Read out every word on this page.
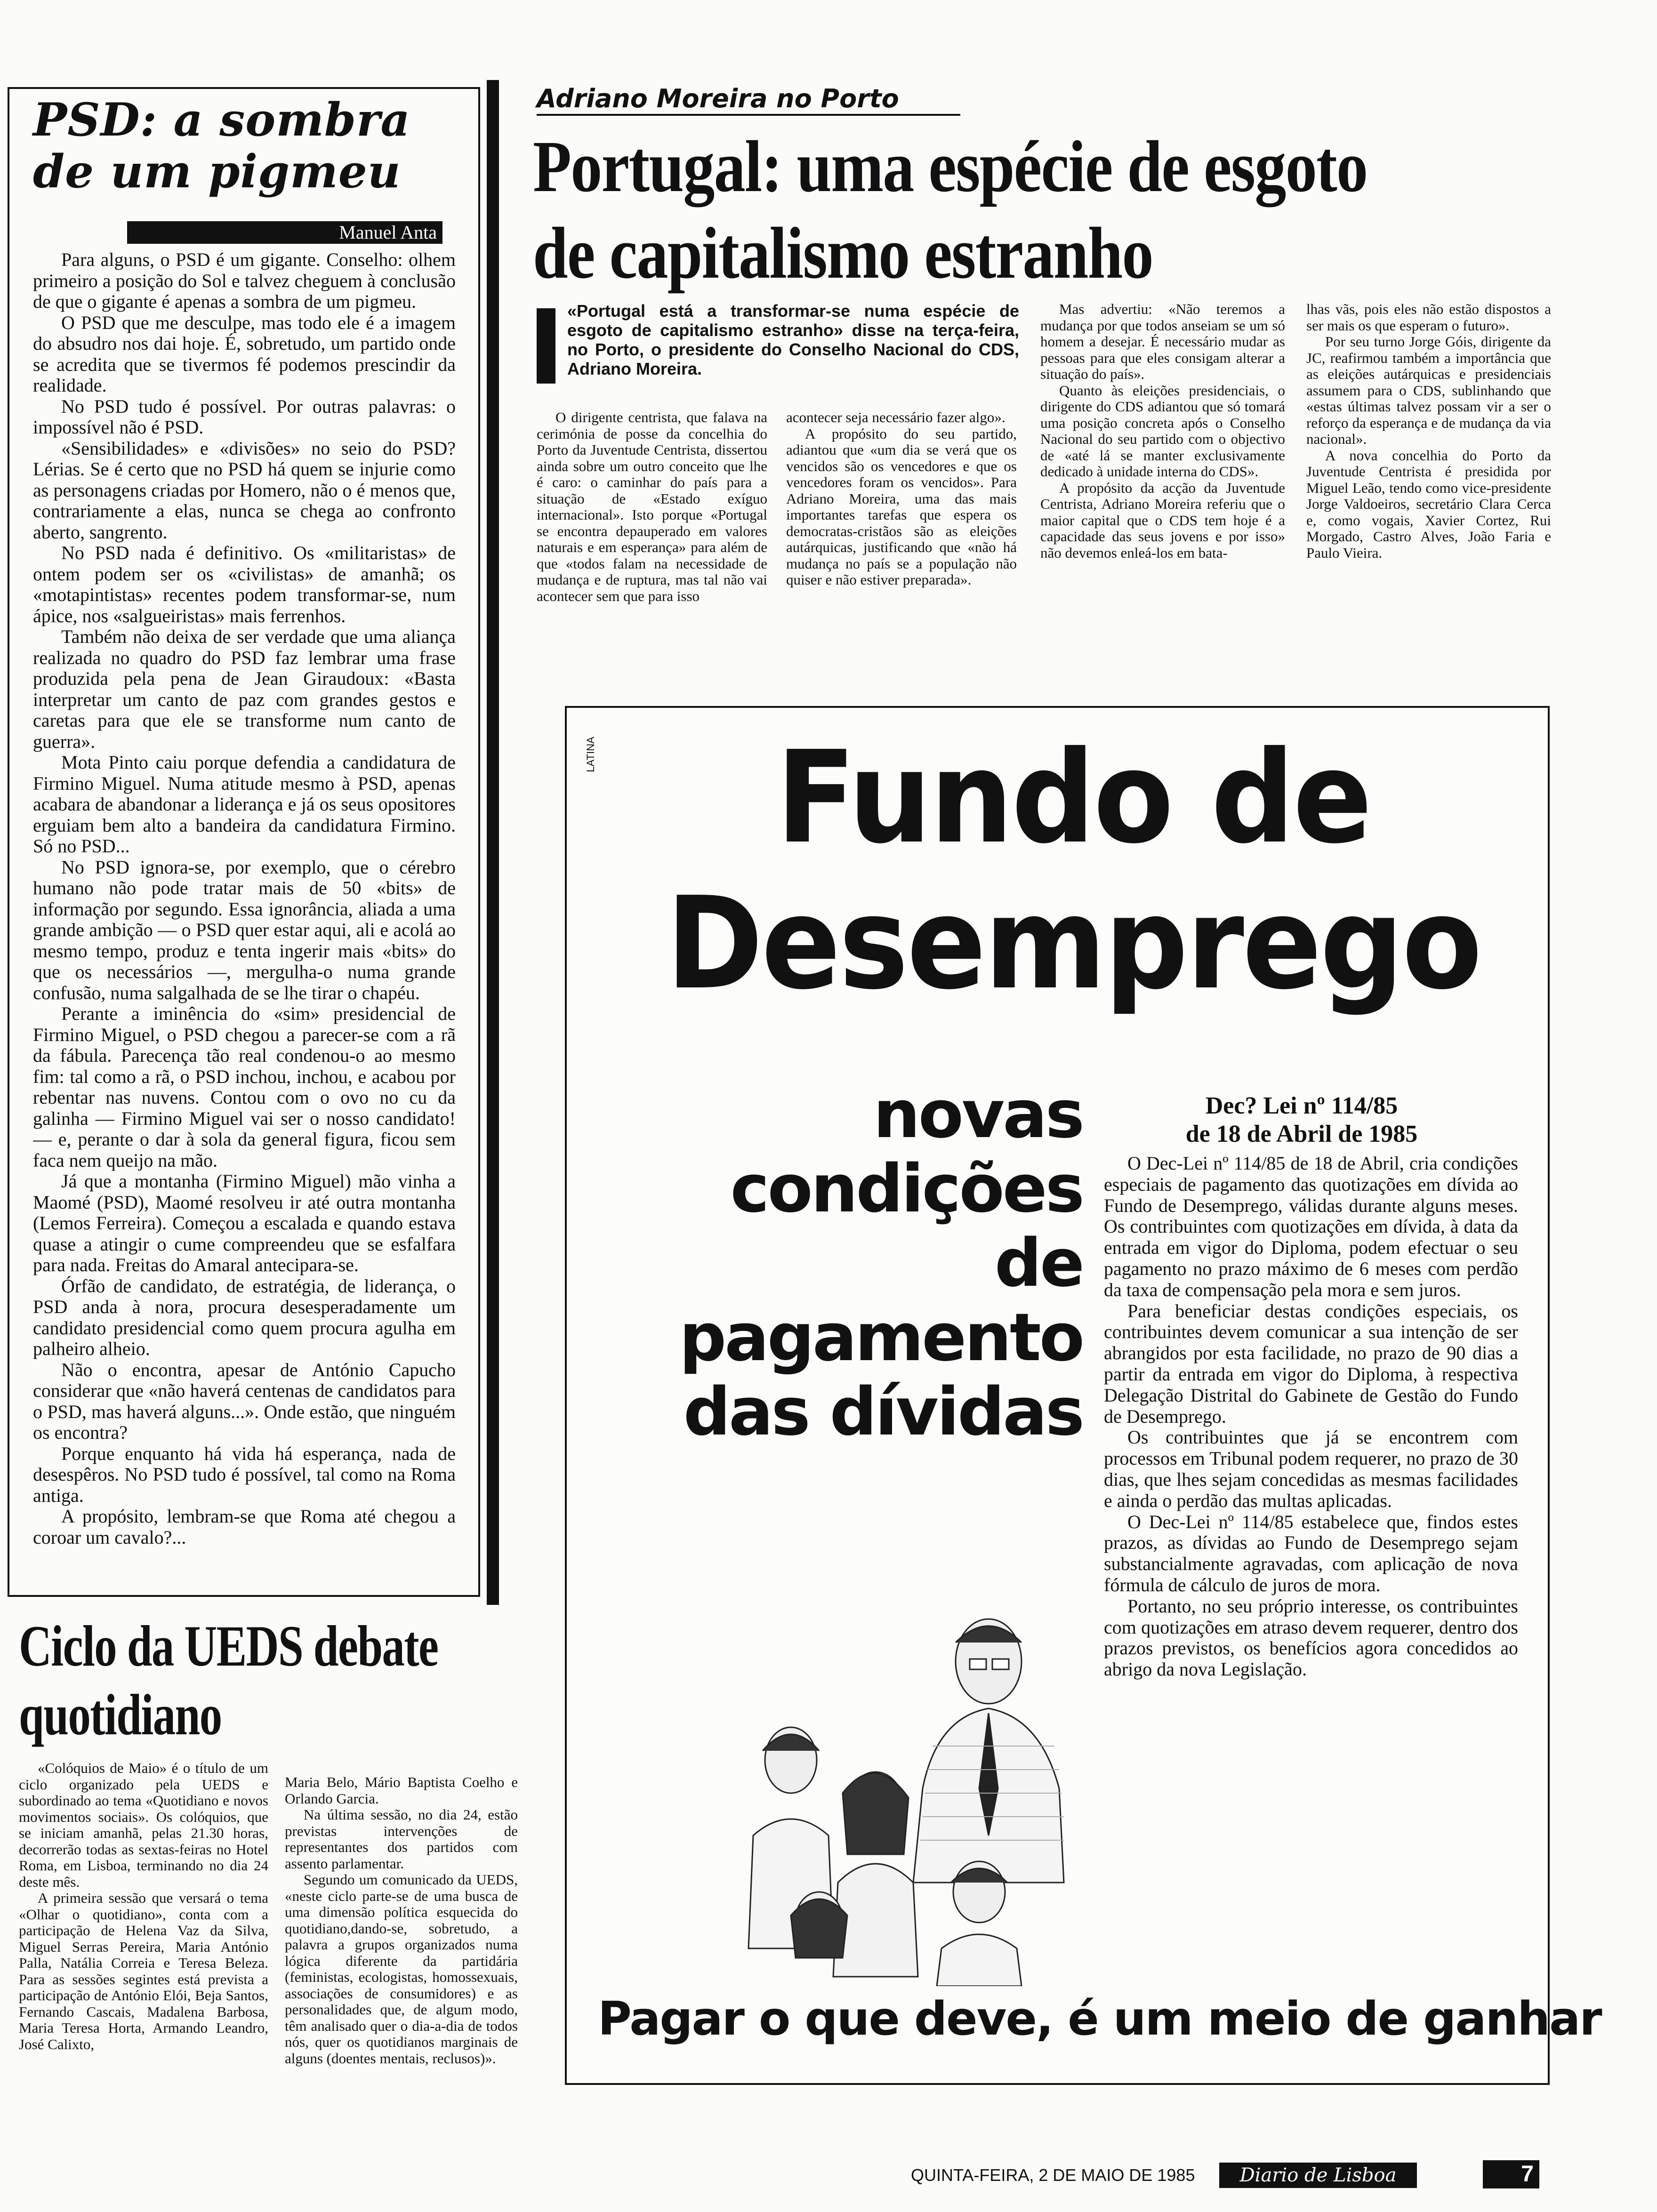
PSD: a sombra de um pigmeu
Manuel Anta

Para alguns, o PSD é um gigante. Conselho: olhem primeiro a posição do Sol e talvez cheguem à conclusão de que o gigante é apenas a sombra de um pigmeu.

O PSD que me desculpe, mas todo ele é a imagem do absudro nos dai hoje. É, sobretudo, um partido onde se acredita que se tivermos fé podemos prescindir da realidade.

No PSD tudo é possível. Por outras palavras: o impossível não é PSD.

«Sensibilidades» e «divisões» no seio do PSD? Lérias. Se é certo que no PSD há quem se injurie como as personagens criadas por Homero, não o é menos que, contrariamente a elas, nunca se chega ao confronto aberto, sangrento.

No PSD nada é definitivo. Os «militaristas» de ontem podem ser os «civilistas» de amanhã; os «motapintistas» recentes podem transformar-se, num ápice, nos «salgueiristas» mais ferrenhos.

Também não deixa de ser verdade que uma aliança realizada no quadro do PSD faz lembrar uma frase produzida pela pena de Jean Giraudoux: «Basta interpretar um canto de paz com grandes gestos e caretas para que ele se transforme num canto de guerra».

Mota Pinto caiu porque defendia a candidatura de Firmino Miguel. Numa atitude mesmo à PSD, apenas acabara de abandonar a liderança e já os seus opositores erguiam bem alto a bandeira da candidatura Firmino. Só no PSD...

No PSD ignora-se, por exemplo, que o cérebro humano não pode tratar mais de 50 «bits» de informação por segundo. Essa ignorância, aliada a uma grande ambição — o PSD quer estar aqui, ali e acolá ao mesmo tempo, produz e tenta ingerir mais «bits» do que os necessários —, mergulha-o numa grande confusão, numa salgalhada de se lhe tirar o chapéu.

Perante a iminência do «sim» presidencial de Firmino Miguel, o PSD chegou a parecer-se com a rã da fábula. Parecença tão real condenou-o ao mesmo fim: tal como a rã, o PSD inchou, inchou, e acabou por rebentar nas nuvens. Contou com o ovo no cu da galinha — Firmino Miguel vai ser o nosso candidato! — e, perante o dar à sola da general figura, ficou sem faca nem queijo na mão.

Já que a montanha (Firmino Miguel) mão vinha a Maomé (PSD), Maomé resolveu ir até outra montanha (Lemos Ferreira). Começou a escalada e quando estava quase a atingir o cume compreendeu que se esfalfara para nada. Freitas do Amaral antecipara-se.

Órfão de candidato, de estratégia, de liderança, o PSD anda à nora, procura desesperadamente um candidato presidencial como quem procura agulha em palheiro alheio.

Não o encontra, apesar de António Capucho considerar que «não haverá centenas de candidatos para o PSD, mas haverá alguns...». Onde estão, que ninguém os encontra?

Porque enquanto há vida há esperança, nada de desespêros. No PSD tudo é possível, tal como na Roma antiga.

A propósito, lembram-se que Roma até chegou a coroar um cavalo?...

Adriano Moreira no Porto
Portugal: uma espécie de esgoto
de capitalismo estranho
«Portugal está a transformar-se numa espécie de esgoto de capitalismo estranho» disse na terça-feira, no Porto, o presidente do Conselho Nacional do CDS, Adriano Moreira.

O dirigente centrista, que falava na cerimónia de posse da concelhia do Porto da Juventude Centrista, dissertou ainda sobre um outro conceito que lhe é caro: o caminhar do país para a situação de «Estado exíguo internacional». Isto porque «Portugal se encontra depauperado em valores naturais e em esperança» para além de que «todos falam na necessidade de mudança e de ruptura, mas tal não vai acontecer sem que para isso

acontecer seja necessário fazer algo».

A propósito do seu partido, adiantou que «um dia se verá que os vencidos são os vencedores e que os vencedores foram os vencidos». Para Adriano Moreira, uma das mais importantes tarefas que espera os democratas-cristãos são as eleições autárquicas, justificando que «não há mudança no país se a população não quiser e não estiver preparada».

Mas advertiu: «Não teremos a mudança por que todos anseiam se um só homem a desejar. É necessário mudar as pessoas para que eles consigam alterar a situação do país».

Quanto às eleições presidenciais, o dirigente do CDS adiantou que só tomará uma posição concreta após o Conselho Nacional do seu partido com o objectivo de «até lá se manter exclusivamente dedicado à unidade interna do CDS».

A propósito da acção da Juventude Centrista, Adriano Moreira referiu que o maior capital que o CDS tem hoje é a capacidade das seus jovens e por isso» não devemos enleá-los em bata-

lhas vãs, pois eles não estão dispostos a ser mais os que esperam o futuro».

Por seu turno Jorge Góis, dirigente da JC, reafirmou também a importância que as eleições autárquicas e presidenciais assumem para o CDS, sublinhando que «estas últimas talvez possam vir a ser o reforço da esperança e de mudança da via nacional».

A nova concelhia do Porto da Juventude Centrista é presidida por Miguel Leão, tendo como vice-presidente Jorge Valdoeiros, secretário Clara Cerca e, como vogais, Xavier Cortez, Rui Morgado, Castro Alves, João Faria e Paulo Vieira.

LATINA	Fundo de
Desemprego
novas
condições
de
pagamento
das dívidas
Dec? Lei nº 114/85
de 18 de Abril de 1985

O Dec-Lei nº 114/85 de 18 de Abril, cria condições especiais de pagamento das quotizações em dívida ao Fundo de Desemprego, válidas durante alguns meses. Os contribuintes com quotizações em dívida, à data da entrada em vigor do Diploma, podem efectuar o seu pagamento no prazo máximo de 6 meses com perdão da taxa de compensação pela mora e sem juros.

Para beneficiar destas condições especiais, os contribuintes devem comunicar a sua intenção de ser abrangidos por esta facilidade, no prazo de 90 dias a partir da entrada em vigor do Diploma, à respectiva Delegação Distrital do Gabinete de Gestão do Fundo de Desemprego.

Os contribuintes que já se encontrem com processos em Tribunal podem requerer, no prazo de 30 dias, que lhes sejam concedidas as mesmas facilidades e ainda o perdão das multas aplicadas.

O Dec-Lei nº 114/85 estabelece que, findos estes prazos, as dívidas ao Fundo de Desemprego sejam substancialmente agravadas, com aplicação de nova fórmula de cálculo de juros de mora.

Portanto, no seu próprio interesse, os contribuintes com quotizações em atraso devem requerer, dentro dos prazos previstos, os benefícios agora concedidos ao abrigo da nova Legislação.

Pagar o que deve, é um meio de ganhar
Ciclo da UEDS debate
quotidiano

«Colóquios de Maio» é o título de um ciclo organizado pela UEDS e subordinado ao tema «Quotidiano e novos movimentos sociais». Os colóquios, que se iniciam amanhã, pelas 21.30 horas, decorrerão todas as sextas-feiras no Hotel Roma, em Lisboa, terminando no dia 24 deste mês.

A primeira sessão que versará o tema «Olhar o quotidiano», conta com a participação de Helena Vaz da Silva, Miguel Serras Pereira, Maria António Palla, Natália Correia e Teresa Beleza. Para as sessões segintes está prevista a participação de António Elói, Beja Santos, Fernando Cascais, Madalena Barbosa, Maria Teresa Horta, Armando Leandro, José Calixto,

Maria Belo, Mário Baptista Coelho e Orlando Garcia.

Na última sessão, no dia 24, estão previstas intervenções de representantes dos partidos com assento parlamentar.

Segundo um comunicado da UEDS, «neste ciclo parte-se de uma busca de uma dimensão política esquecida do quotidiano,dando-se, sobretudo, a palavra a grupos organizados numa lógica diferente da partidária (feministas, ecologistas, homossexuais, associações de consumidores) e as personalidades que, de algum modo, têm analisado quer o dia-a-dia de todos nós, quer os quotidianos marginais de alguns (doentes mentais, reclusos)».

QUINTA-FEIRA, 2 DE MAIO DE 1985	Diario de Lisboa	7
